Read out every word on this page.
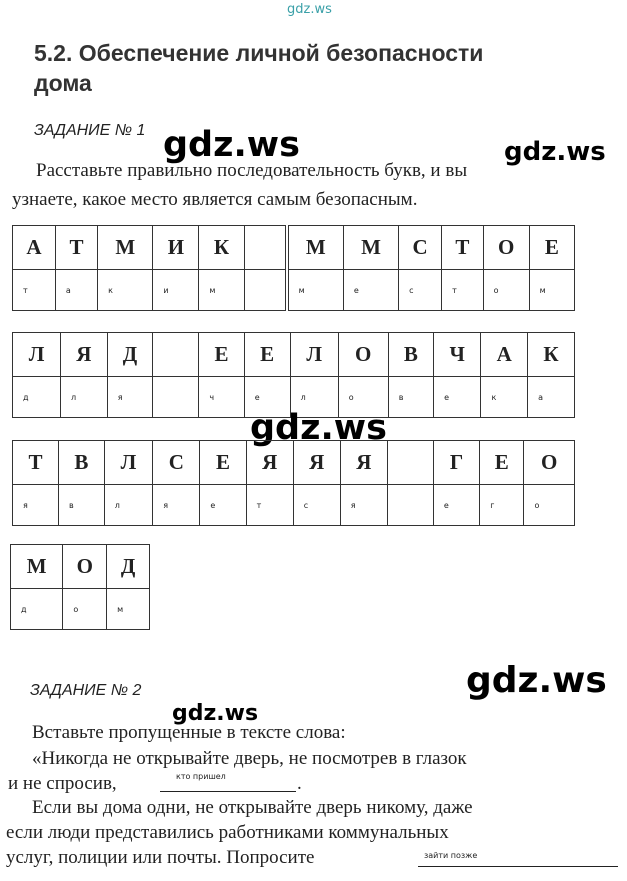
gdz.ws
5.2. Обеспечение личной безопасности
дома
ЗАДАНИЕ № 1 gdz.ws	gdz.ws
Расставьте правильно последовательность букв, и вы
узнаете, какое место является самым безопасным.
А	Т	М	И	К			М	М	С	Т	О	Е
т	а	к	и	м			м	е	с	т	о	м
Л	Я	Д		Е	Е	Л	О	В	Ч	А	К
д	л	я		ч	е	л	о	в	е	к	а
gdz.ws
Т	В	Л	С	Е	Я	Я	Я		Г	Е	О
я	в	л	я	е	т	с	я		е	г	о
М	О	Д
д	о	м
gdz.ws
ЗАДАНИЕ № 2
gdz.ws
Вставьте пропущенные в тексте слова:
«Никогда не открывайте дверь, не посмотрев в глазок
и не спросив,	кто пришел	.
Если вы дома одни, не открывайте дверь никому, даже
если люди представились работниками коммунальных
услуг, полиции или почты. Попросите	зайти позже
